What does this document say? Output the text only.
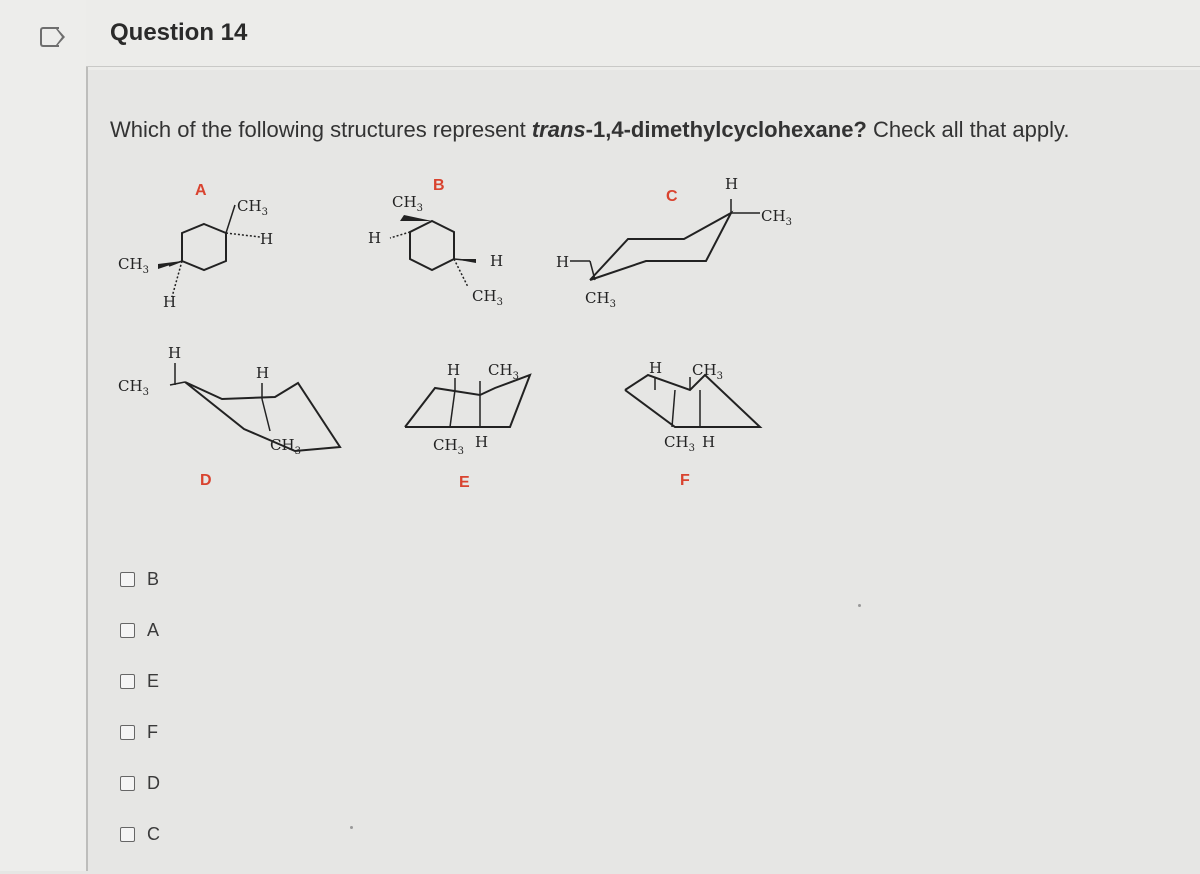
Question 14
Which of the following structures represent trans-1,4-dimethylcyclohexane? Check all that apply.
A	B
C
D	E	F
$CH_3$
H
$CH_3$
H
$CH_3$
H
H
$CH_3$
H
$CH_3$
H
$CH_3$
H
$CH_3$
H
$CH_3$
H $CH_3$
$CH_3$
H
H $CH_3$
$CH_3$ H
B
A
E
F
D
C
